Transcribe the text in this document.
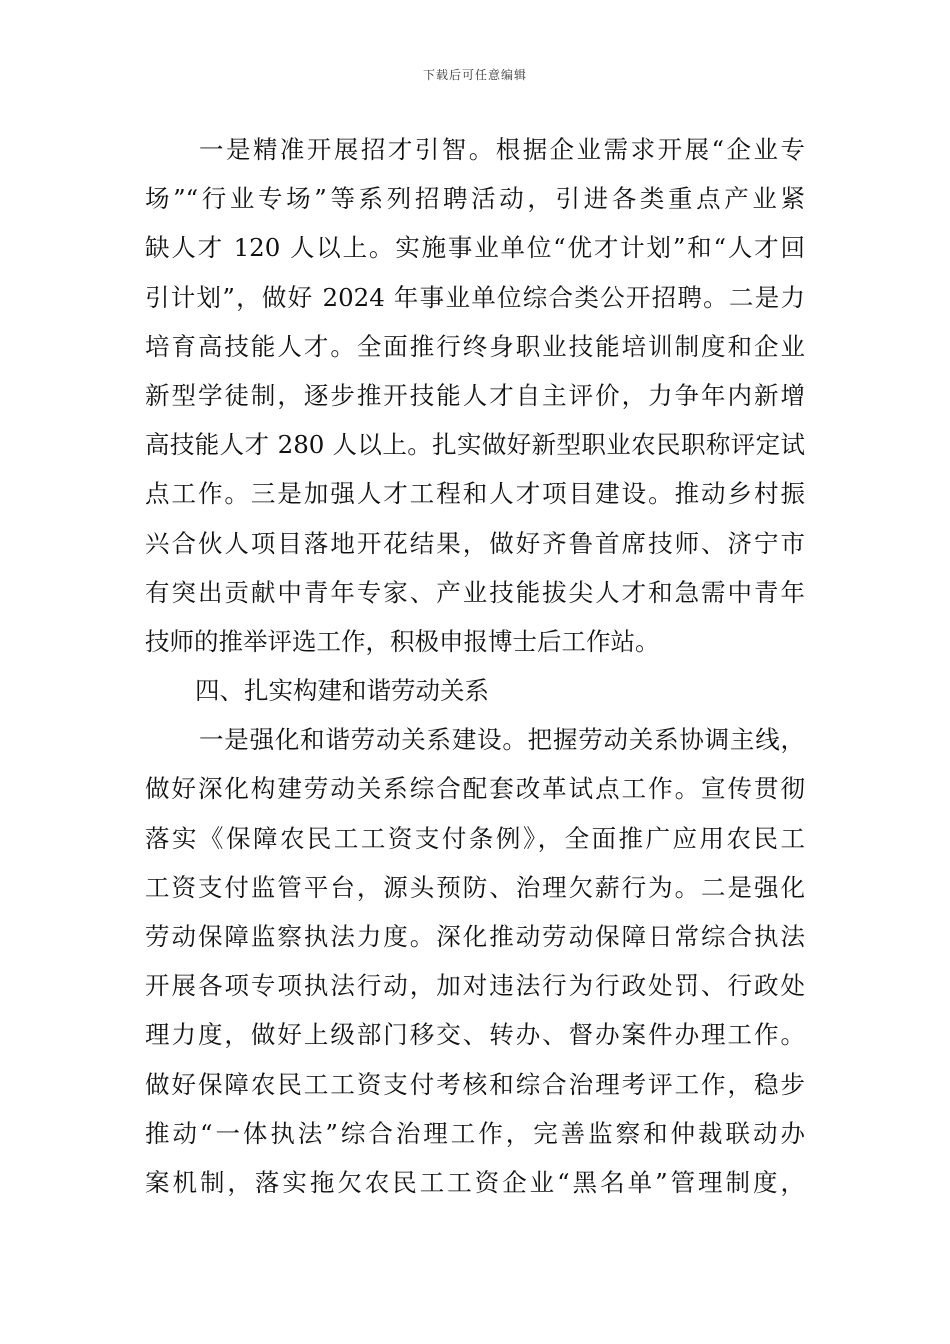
下载后可任意编辑
一是精准开展招才引智。根据企业需求开展“企业专
场”“行业专场”等系列招聘活动，引进各类重点产业紧
缺人才 120 人以上。实施事业单位“优才计划”和“人才回
引计划”，做好 2024 年事业单位综合类公开招聘。二是力
培育高技能人才。全面推行终身职业技能培训制度和企业
新型学徒制，逐步推开技能人才自主评价，力争年内新增
高技能人才 280 人以上。扎实做好新型职业农民职称评定试
点工作。三是加强人才工程和人才项目建设。推动乡村振
兴合伙人项目落地开花结果，做好齐鲁首席技师、济宁市
有突出贡献中青年专家、产业技能拔尖人才和急需中青年
技师的推举评选工作，积极申报博士后工作站。
四、扎实构建和谐劳动关系
一是强化和谐劳动关系建设。把握劳动关系协调主线，
做好深化构建劳动关系综合配套改革试点工作。宣传贯彻
落实《保障农民工工资支付条例》，全面推广应用农民工
工资支付监管平台，源头预防、治理欠薪行为。二是强化
劳动保障监察执法力度。深化推动劳动保障日常综合执法
开展各项专项执法行动，加对违法行为行政处罚、行政处
理力度，做好上级部门移交、转办、督办案件办理工作。
做好保障农民工工资支付考核和综合治理考评工作，稳步
推动“一体执法”综合治理工作，完善监察和仲裁联动办
案机制，落实拖欠农民工工资企业“黑名单”管理制度，
